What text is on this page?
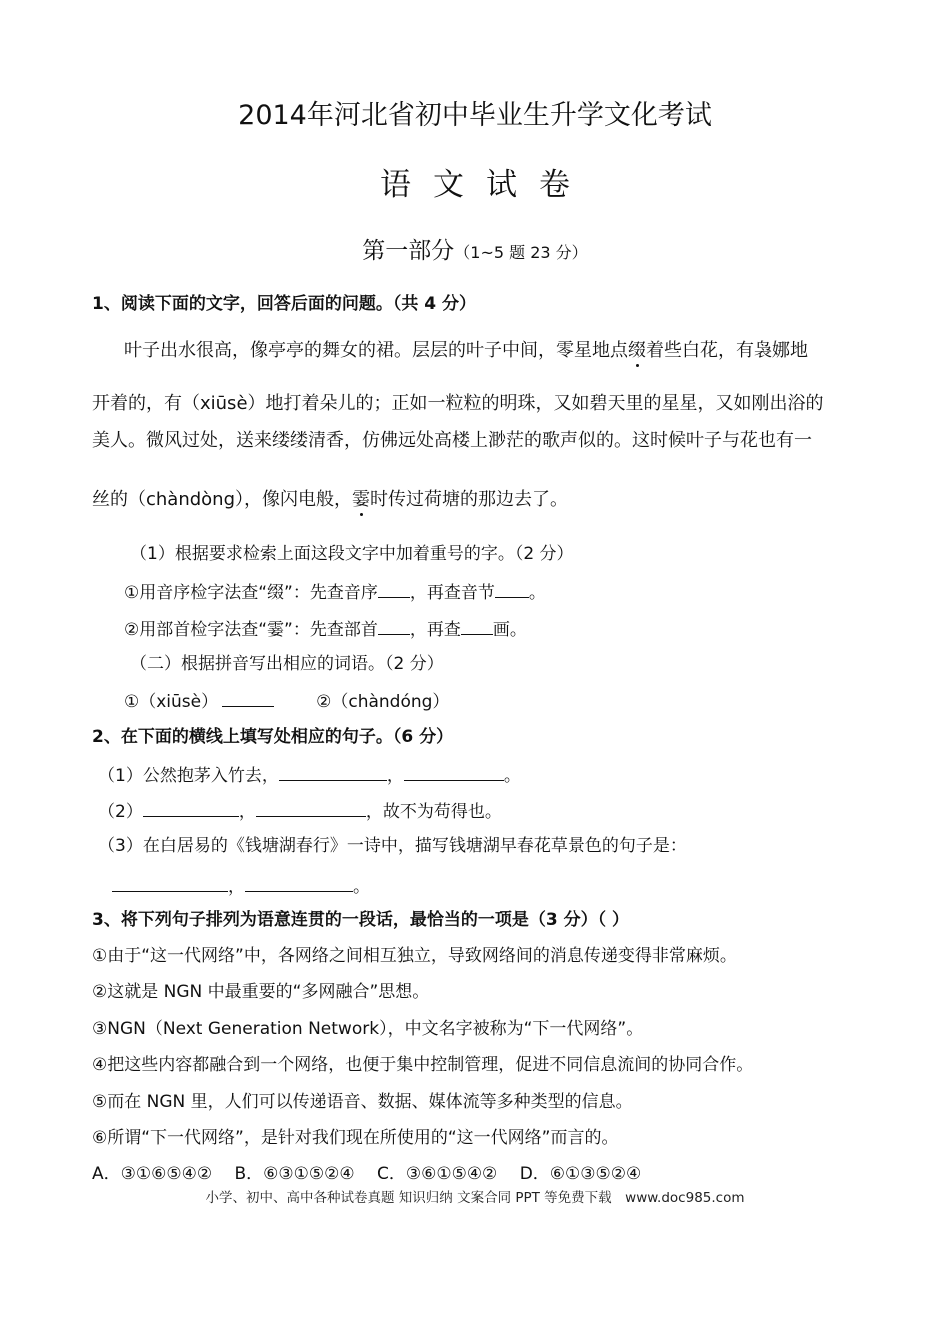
2014年河北省初中毕业生升学文化考试
语文试卷
第一部分（1~5 题 23 分）
1、阅读下面的文字，回答后面的问题。（共 4 分）
叶子出水很高，像亭亭的舞女的裙。层层的叶子中间，零星地点缀着些白花，有袅娜地
开着的，有（xiūsè）地打着朵儿的；正如一粒粒的明珠，又如碧天里的星星，又如刚出浴的
美人。微风过处，送来缕缕清香，仿佛远处高楼上渺茫的歌声似的。这时候叶子与花也有一
丝的（chàndòng），像闪电般，霎时传过荷塘的那边去了。
（1）根据要求检索上面这段文字中加着重号的字。（2 分）
①用音序检字法查“缀”：先查音序 ，再查音节 。
②用部首检字法查“霎”：先查部首 ，再查 画。
（二）根据拼音写出相应的词语。（2 分）
①（xiūsè）	②（chàndóng）
2、在下面的横线上填写处相应的句子。（6 分）
（1）公然抱茅入竹去，	，	。
（2）	，	，故不为苟得也。
（3）在白居易的《钱塘湖春行》一诗中，描写钱塘湖早春花草景色的句子是：
，	。
3、将下列句子排列为语意连贯的一段话，最恰当的一项是（3 分）（ ）
①由于“这一代网络”中，各网络之间相互独立，导致网络间的消息传递变得非常麻烦。
②这就是 NGN 中最重要的“多网融合”思想。
③NGN（Next Generation Network），中文名字被称为“下一代网络”。
④把这些内容都融合到一个网络，也便于集中控制管理，促进不同信息流间的协同合作。
⑤而在 NGN 里，人们可以传递语音、数据、媒体流等多种类型的信息。
⑥所谓“下一代网络”，是针对我们现在所使用的“这一代网络”而言的。
A．③①⑥⑤④②　 B．⑥③①⑤②④　 C．③⑥①⑤④②　 D．⑥①③⑤②④
小学、初中、高中各种试卷真题 知识归纳 文案合同 PPT 等免费下载　www.doc985.com
